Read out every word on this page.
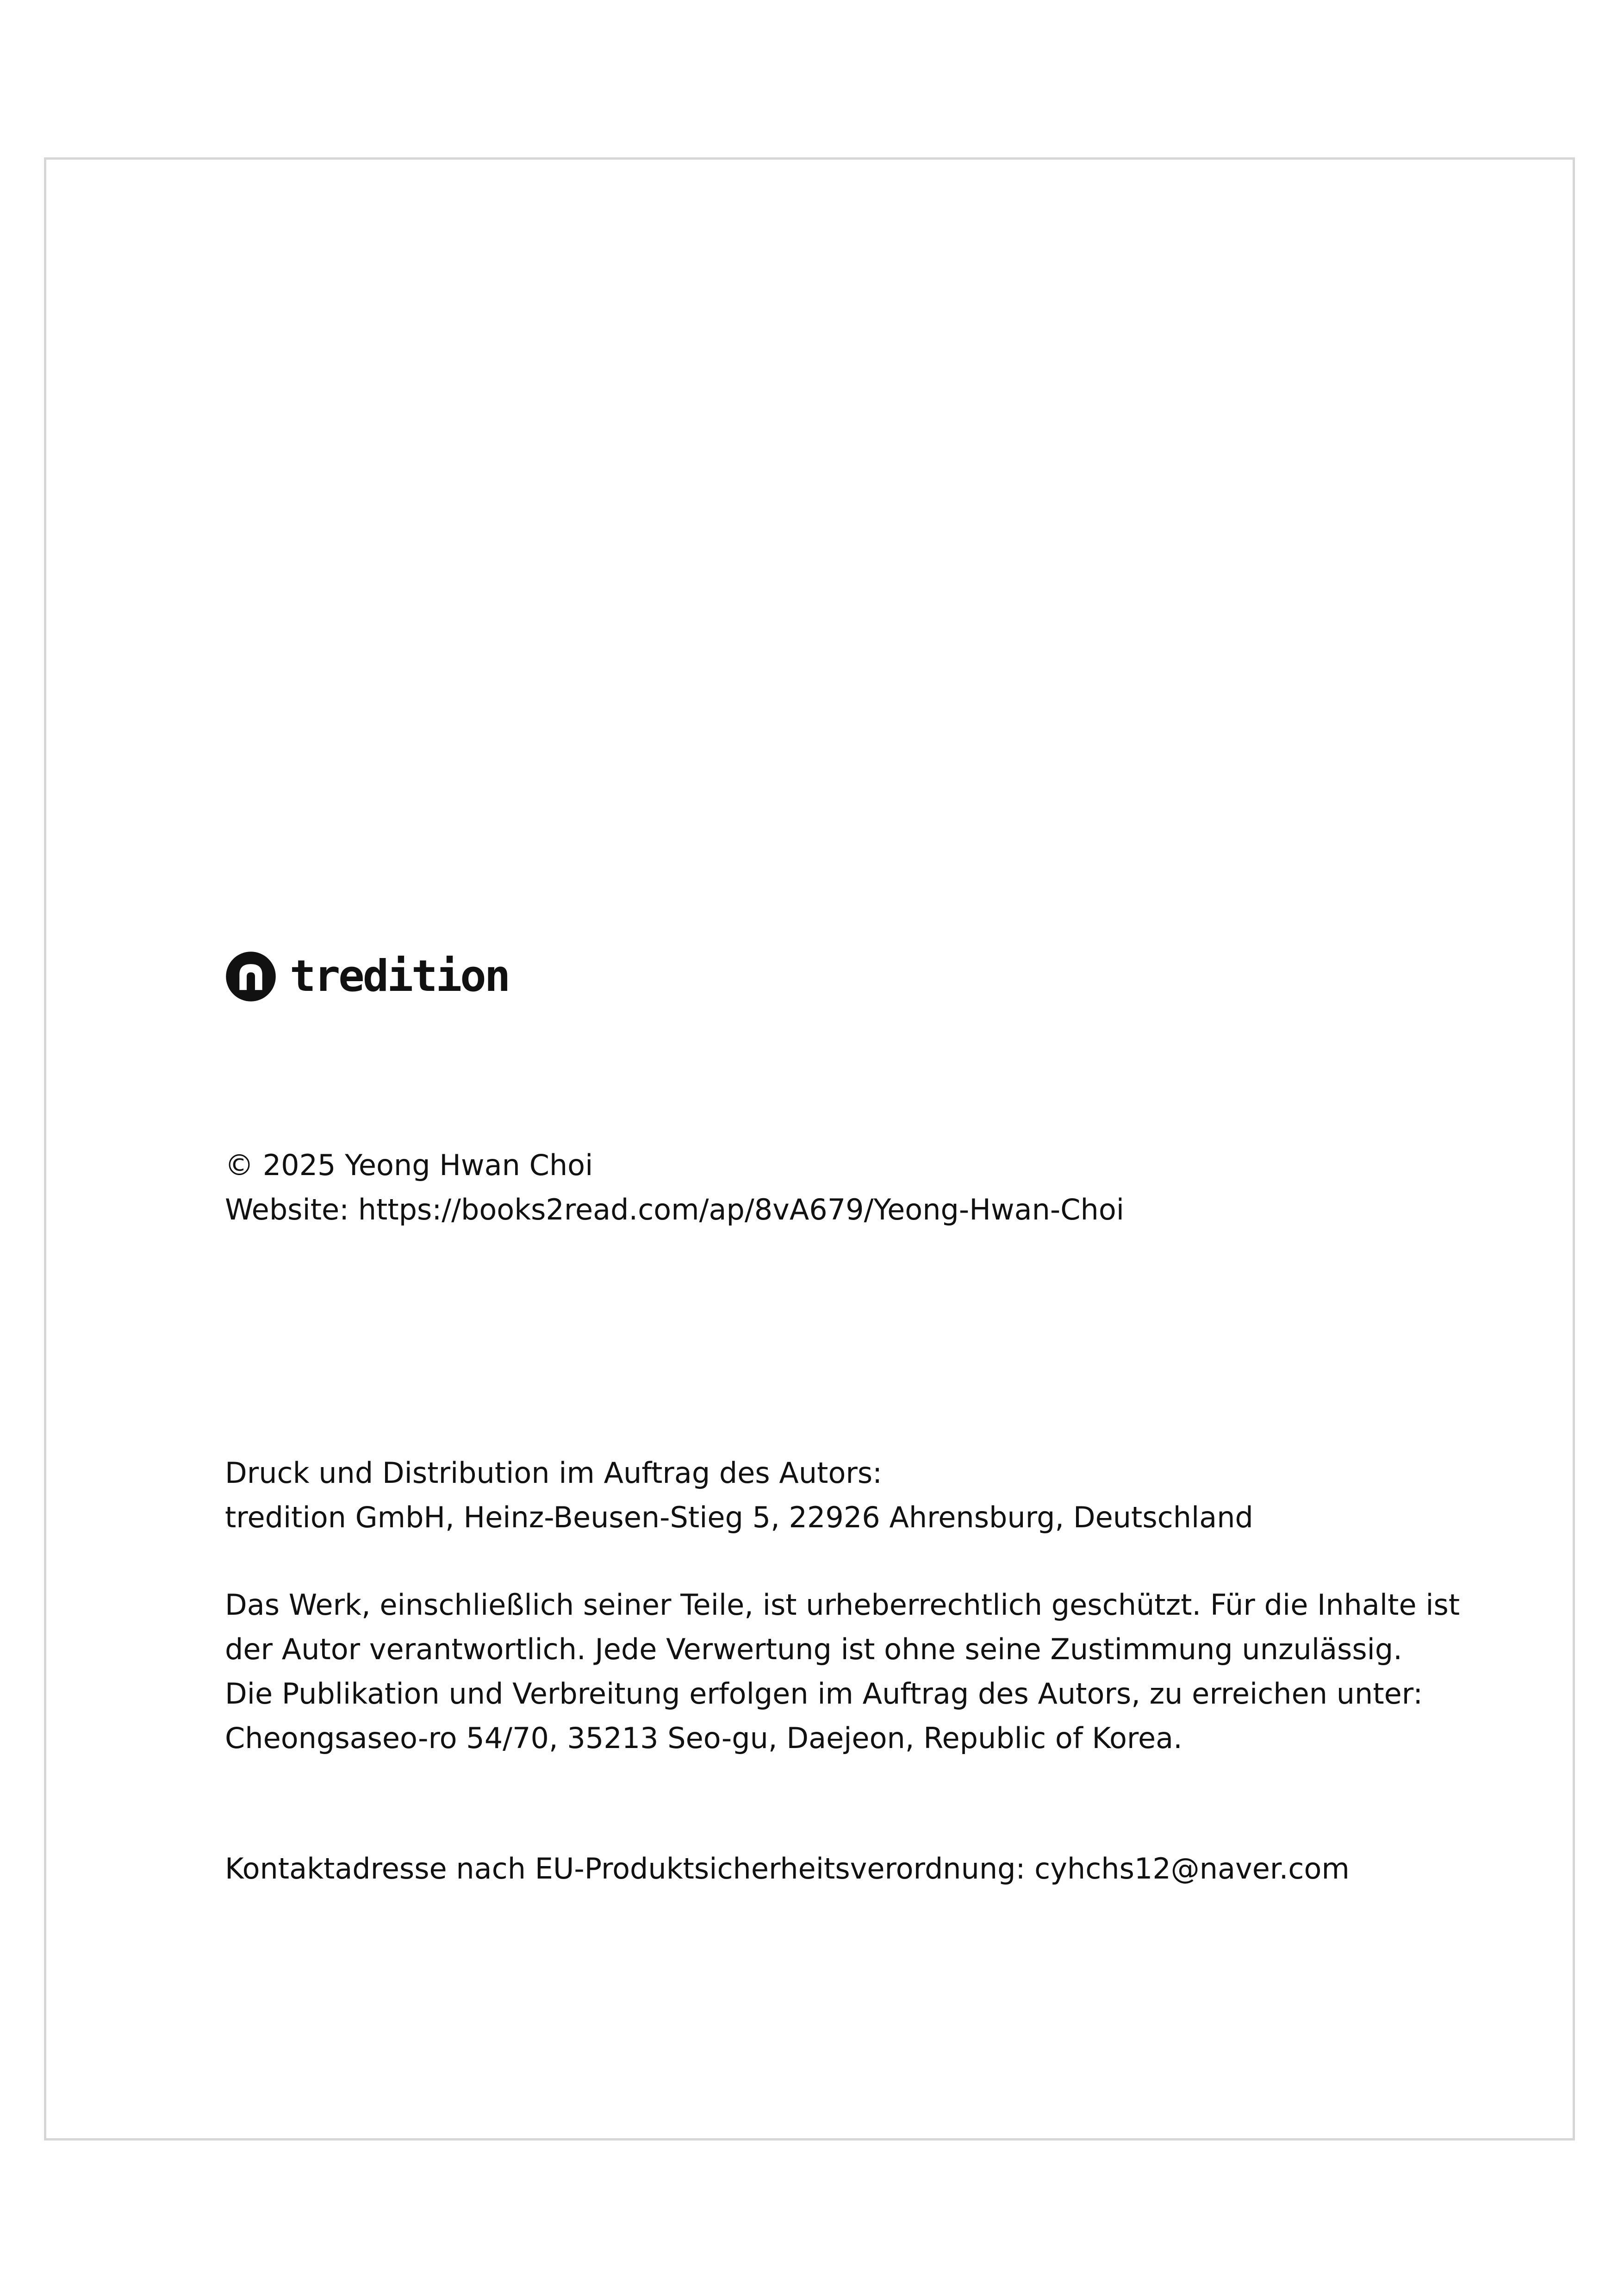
tredition
© 2025 Yeong Hwan Choi
Website: https://books2read.com/ap/8vA679/Yeong-Hwan-Choi
Druck und Distribution im Auftrag des Autors:
tredition GmbH, Heinz-Beusen-Stieg 5, 22926 Ahrensburg, Deutschland
Das Werk, einschließlich seiner Teile, ist urheberrechtlich geschützt. Für die Inhalte ist
der Autor verantwortlich. Jede Verwertung ist ohne seine Zustimmung unzulässig.
Die Publikation und Verbreitung erfolgen im Auftrag des Autors, zu erreichen unter:
Cheongsaseo-ro 54/70, 35213 Seo-gu, Daejeon, Republic of Korea.
Kontaktadresse nach EU-Produktsicherheitsverordnung: cyhchs12@naver.com
